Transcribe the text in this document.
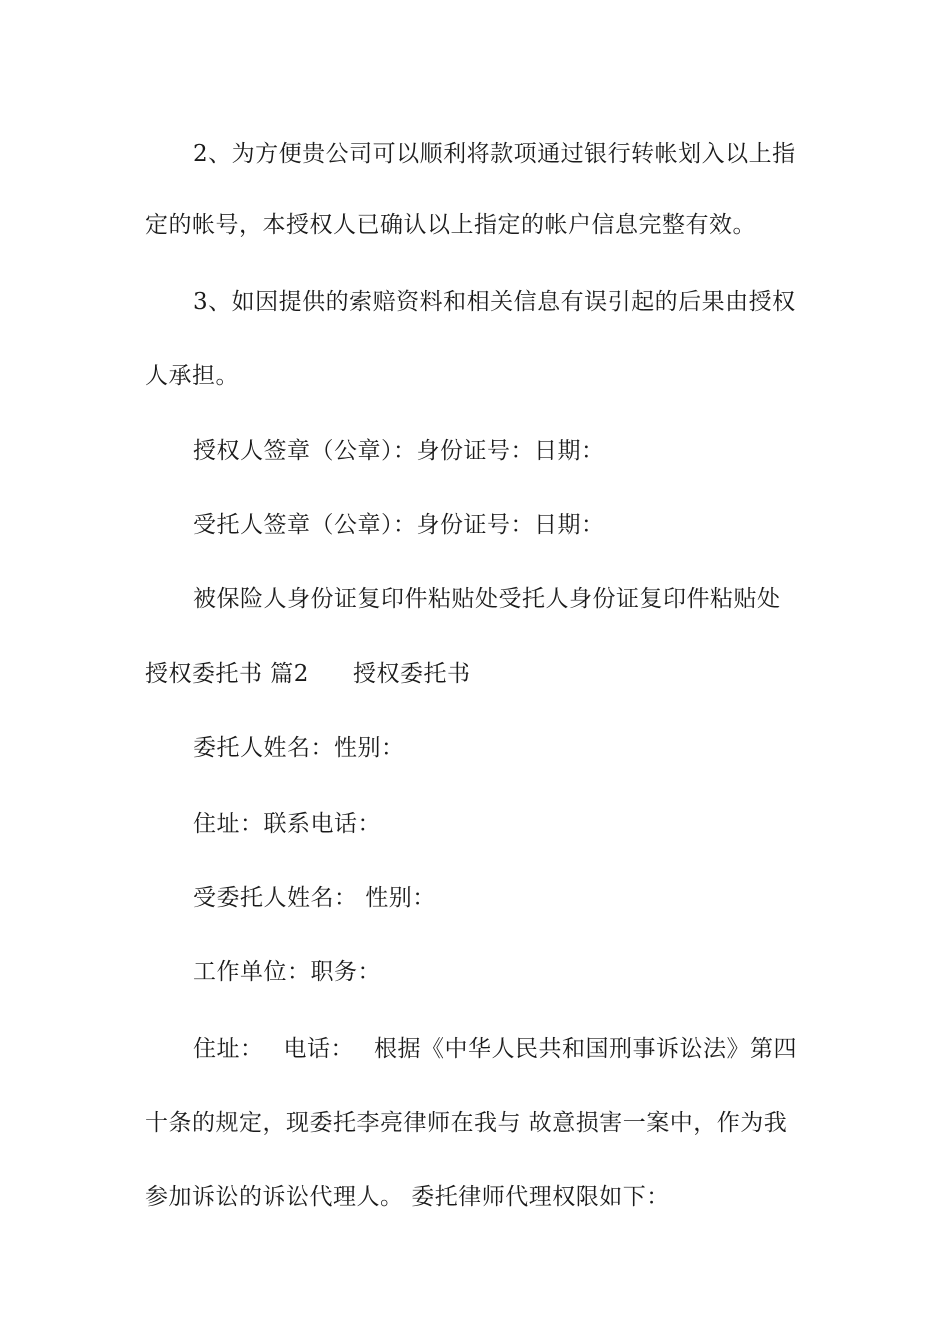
2、为方便贵公司可以顺利将款项通过银行转帐划入以上指
定的帐号，本授权人已确认以上指定的帐户信息完整有效。
3、如因提供的索赔资料和相关信息有误引起的后果由授权
人承担。
授权人签章（公章）：身份证号：日期：
受托人签章（公章）：身份证号：日期：
被保险人身份证复印件粘贴处受托人身份证复印件粘贴处
授权委托书 篇2 授权委托书
委托人姓名：性别：
住址：联系电话：
受委托人姓名： 性别：
工作单位：职务：
住址： 电话： 根据《中华人民共和国刑事诉讼法》第四
十条的规定，现委托李亮律师在我与 故意损害一案中，作为我
参加诉讼的诉讼代理人。 委托律师代理权限如下：
